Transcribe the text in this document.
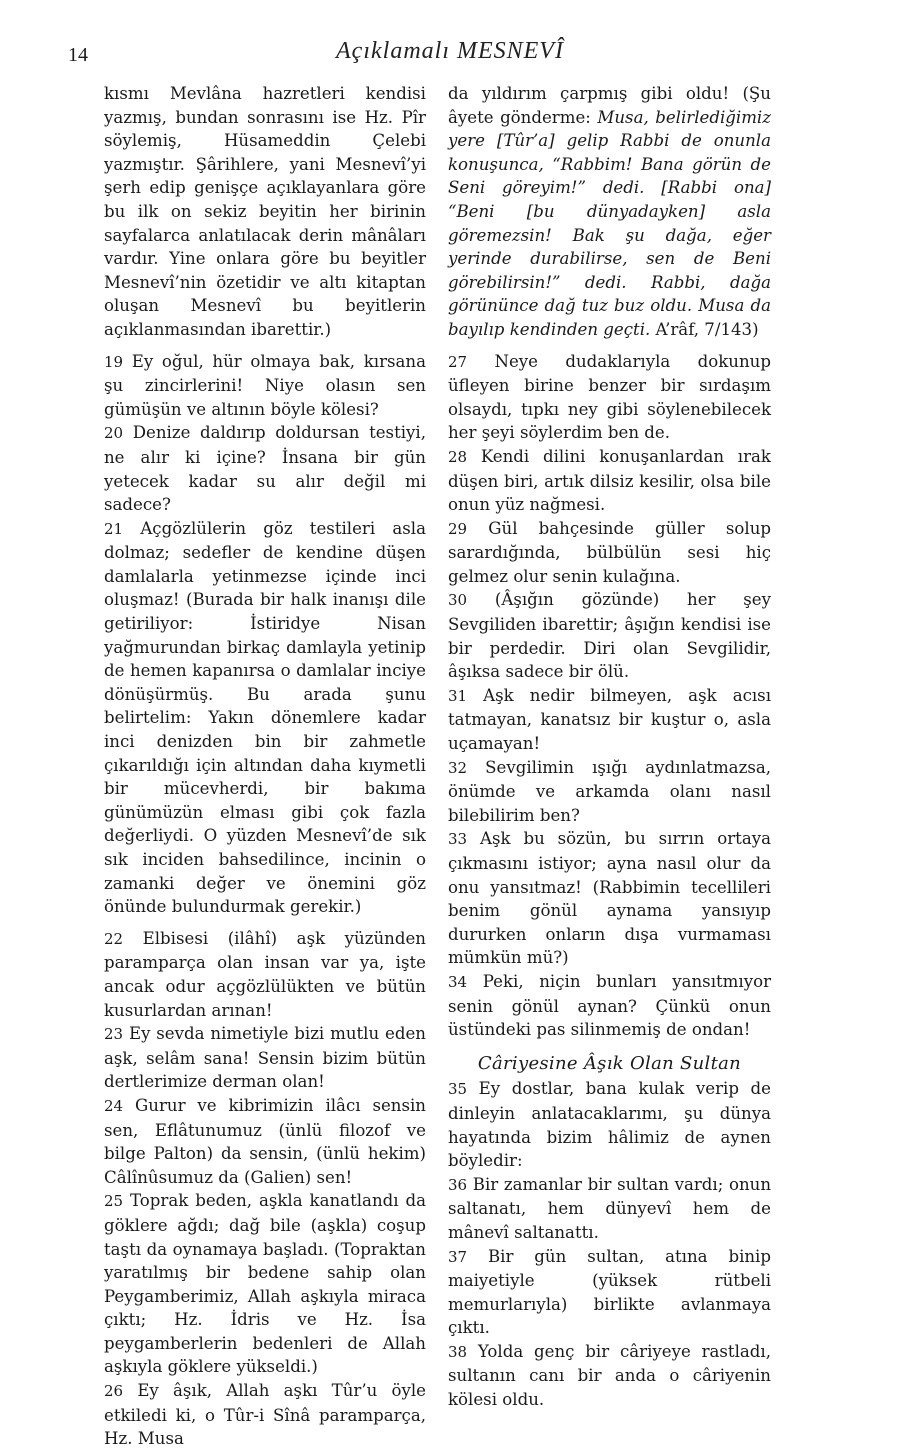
14	Açıklamalı MESNEVÎ

kısmı Mevlâna hazretleri kendisi yazmış, bundan sonrasını ise Hz. Pîr söylemiş, Hüsameddin Çelebi yazmıştır. Şârihlere, yani Mesnevî’yi şerh edip genişçe açıklayanlara göre bu ilk on sekiz beyitin her birinin sayfalarca anlatılacak derin mânâları vardır. Yine onlara göre bu beyitler Mesnevî’nin özetidir ve altı kitaptan oluşan Mesnevî bu beyitlerin açıklanmasından ibarettir.)

19 Ey oğul, hür olmaya bak, kırsana şu zincirlerini! Niye olasın sen gümüşün ve altının böyle kölesi?

20 Denize daldırıp doldursan testiyi, ne alır ki içine? İnsana bir gün yetecek kadar su alır değil mi sadece?

21 Açgözlülerin göz testileri asla dolmaz; sedefler de kendine düşen damlalarla yetinmezse içinde inci oluşmaz! (Burada bir halk inanışı dile getiriliyor: İstiridye Nisan yağmurundan birkaç damlayla yetinip de hemen kapanırsa o damlalar inciye dönüşürmüş. Bu arada şunu belirtelim: Yakın dönemlere kadar inci denizden bin bir zahmetle çıkarıldığı için altından daha kıymetli bir mücevherdi, bir bakıma günümüzün elması gibi çok fazla değerliydi. O yüzden Mesnevî’de sık sık inciden bahsedilince, incinin o zamanki değer ve önemini göz önünde bulundurmak gerekir.)

22 Elbisesi (ilâhî) aşk yüzünden paramparça olan insan var ya, işte ancak odur açgözlülükten ve bütün kusurlardan arınan!

23 Ey sevda nimetiyle bizi mutlu eden aşk, selâm sana! Sensin bizim bütün dertlerimize derman olan!

24 Gurur ve kibrimizin ilâcı sensin sen, Eflâtunumuz (ünlü filozof ve bilge Palton) da sensin, (ünlü hekim) Câlînûsumuz da (Galien) sen!

25 Toprak beden, aşkla kanatlandı da göklere ağdı; dağ bile (aşkla) coşup taştı da oynamaya başladı. (Topraktan yaratılmış bir bedene sahip olan Peygamberimiz, Allah aşkıyla miraca çıktı; Hz. İdris ve Hz. İsa peygamberlerin bedenleri de Allah aşkıyla göklere yükseldi.)

26 Ey âşık, Allah aşkı Tûr’u öyle etkiledi ki, o Tûr-i Sînâ paramparça, Hz. Musa

da yıldırım çarpmış gibi oldu! (Şu âyete gönderme: Musa, belirlediğimiz yere [Tûr’a] gelip Rabbi de onunla konuşunca, “Rabbim! Bana görün de Seni göreyim!” dedi. [Rabbi ona] “Beni [bu dünyadayken] asla göremezsin! Bak şu dağa, eğer yerinde durabilirse, sen de Beni görebilirsin!” dedi. Rabbi, dağa görününce dağ tuz buz oldu. Musa da bayılıp kendinden geçti. A’râf, 7/143)

27 Neye dudaklarıyla dokunup üfleyen birine benzer bir sırdaşım olsaydı, tıpkı ney gibi söylenebilecek her şeyi söylerdim ben de.

28 Kendi dilini konuşanlardan ırak düşen biri, artık dilsiz kesilir, olsa bile onun yüz nağmesi.

29 Gül bahçesinde güller solup sarardığında, bülbülün sesi hiç gelmez olur senin kulağına.

30 (Âşığın gözünde) her şey Sevgiliden ibarettir; âşığın kendisi ise bir perdedir. Diri olan Sevgilidir, âşıksa sadece bir ölü.

31 Aşk nedir bilmeyen, aşk acısı tatmayan, kanatsız bir kuştur o, asla uçamayan!

32 Sevgilimin ışığı aydınlatmazsa, önümde ve arkamda olanı nasıl bilebilirim ben?

33 Aşk bu sözün, bu sırrın ortaya çıkmasını istiyor; ayna nasıl olur da onu yansıtmaz! (Rabbimin tecellileri benim gönül aynama yansıyıp dururken onların dışa vurmaması mümkün mü?)

34 Peki, niçin bunları yansıtmıyor senin gönül aynan? Çünkü onun üstündeki pas silinmemiş de ondan!

Câriyesine Âşık Olan Sultan

35 Ey dostlar, bana kulak verip de dinleyin anlatacaklarımı, şu dünya hayatında bizim hâlimiz de aynen böyledir:

36 Bir zamanlar bir sultan vardı; onun saltanatı, hem dünyevî hem de mânevî saltanattı.

37 Bir gün sultan, atına binip maiyetiyle (yüksek rütbeli memurlarıyla) birlikte avlanmaya çıktı.

38 Yolda genç bir câriyeye rastladı, sultanın canı bir anda o câriyenin kölesi oldu.
